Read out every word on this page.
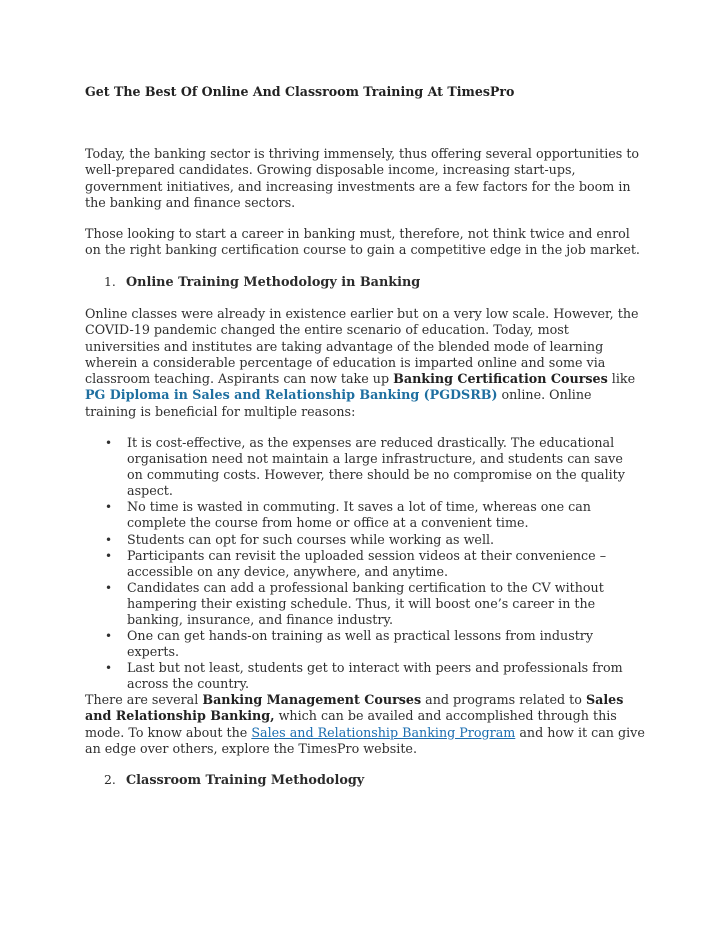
Get The Best Of Online And Classroom Training At TimesPro
Today, the banking sector is thriving immensely, thus offering several opportunities to well-prepared candidates. Growing disposable income, increasing start-ups, government initiatives, and increasing investments are a few factors for the boom in the banking and finance sectors.
Those looking to start a career in banking must, therefore, not think twice and enrol on the right banking certification course to gain a competitive edge in the job market.
1. Online Training Methodology in Banking
Online classes were already in existence earlier but on a very low scale. However, the COVID-19 pandemic changed the entire scenario of education. Today, most universities and institutes are taking advantage of the blended mode of learning wherein a considerable percentage of education is imparted online and some via classroom teaching. Aspirants can now take up Banking Certification Courses like PG Diploma in Sales and Relationship Banking (PGDSRB) online. Online training is beneficial for multiple reasons:
• It is cost-effective, as the expenses are reduced drastically. The educational organisation need not maintain a large infrastructure, and students can save on commuting costs. However, there should be no compromise on the quality aspect.
• No time is wasted in commuting. It saves a lot of time, whereas one can complete the course from home or office at a convenient time.
• Students can opt for such courses while working as well.
• Participants can revisit the uploaded session videos at their convenience – accessible on any device, anywhere, and anytime.
• Candidates can add a professional banking certification to the CV without hampering their existing schedule. Thus, it will boost one’s career in the banking, insurance, and finance industry.
• One can get hands-on training as well as practical lessons from industry experts.
• Last but not least, students get to interact with peers and professionals from across the country.
There are several Banking Management Courses and programs related to Sales and Relationship Banking, which can be availed and accomplished through this mode. To know about the Sales and Relationship Banking Program and how it can give an edge over others, explore the TimesPro website.
2. Classroom Training Methodology
